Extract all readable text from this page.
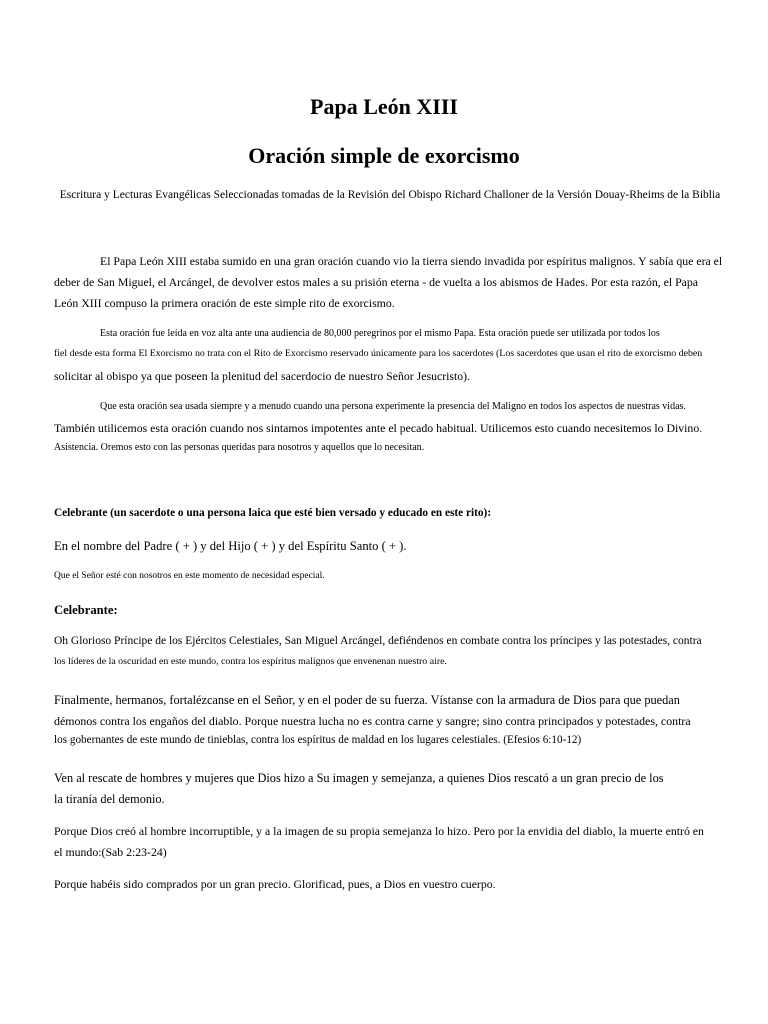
Papa León XIII
Oración simple de exorcismo
Escritura y Lecturas Evangélicas Seleccionadas tomadas de la Revisión del Obispo Richard Challoner de la Versión Douay-Rheims de la Biblia
El Papa León XIII estaba sumido en una gran oración cuando vio la tierra siendo invadida por espíritus malignos. Y sabía que era el
deber de San Miguel, el Arcángel, de devolver estos males a su prisión eterna - de vuelta a los abismos de Hades. Por esta razón, el Papa
León XIII compuso la primera oración de este simple rito de exorcismo.
Esta oración fue leída en voz alta ante una audiencia de 80,000 peregrinos por el mismo Papa. Esta oración puede ser utilizada por todos los
fiel desde esta forma El Exorcismo no trata con el Rito de Exorcismo reservado únicamente para los sacerdotes (Los sacerdotes que usan el rito de exorcismo deben
solicitar al obispo ya que poseen la plenitud del sacerdocio de nuestro Señor Jesucristo).
Que esta oración sea usada siempre y a menudo cuando una persona experimente la presencia del Maligno en todos los aspectos de nuestras vidas.
También utilicemos esta oración cuando nos sintamos impotentes ante el pecado habitual. Utilicemos esto cuando necesitemos lo Divino.
Asistencia. Oremos esto con las personas queridas para nosotros y aquellos que lo necesitan.
Celebrante (un sacerdote o una persona laica que esté bien versado y educado en este rito):
En el nombre del Padre ( + ) y del Hijo ( + ) y del Espíritu Santo ( + ).
Que el Señor esté con nosotros en este momento de necesidad especial.
Celebrante:
Oh Glorioso Príncipe de los Ejércitos Celestiales, San Miguel Arcángel, defiéndenos en combate contra los príncipes y las potestades, contra
los líderes de la oscuridad en este mundo, contra los espíritus malignos que envenenan nuestro aire.
Finalmente, hermanos, fortalézcanse en el Señor, y en el poder de su fuerza. Vístanse con la armadura de Dios para que puedan
démonos contra los engaños del diablo. Porque nuestra lucha no es contra carne y sangre; sino contra principados y potestades, contra
los gobernantes de este mundo de tinieblas, contra los espíritus de maldad en los lugares celestiales. (Efesios 6:10-12)
Ven al rescate de hombres y mujeres que Dios hizo a Su imagen y semejanza, a quienes Dios rescató a un gran precio de los
la tiranía del demonio.
Porque Dios creó al hombre incorruptible, y a la imagen de su propia semejanza lo hizo. Pero por la envidia del diablo, la muerte entró en
el mundo:(Sab 2:23-24)
Porque habéis sido comprados por un gran precio. Glorificad, pues, a Dios en vuestro cuerpo.
